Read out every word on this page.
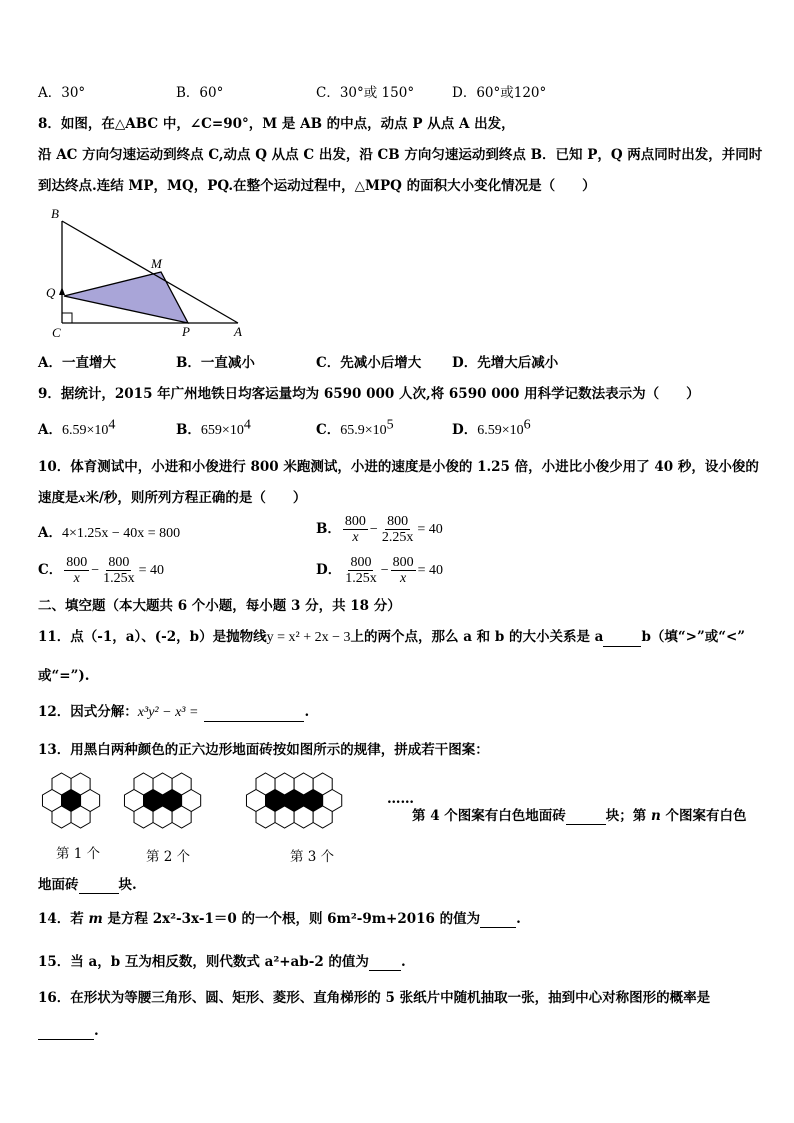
A．30°	B．60°	C．30°或 150°	D．60°或120°
8．如图，在△ABC 中，∠C=90°，M 是 AB 的中点，动点 P 从点 A 出发，
沿 AC 方向匀速运动到终点 C,动点 Q 从点 C 出发，沿 CB 方向匀速运动到终点 B．已知 P，Q 两点同时出发，并同时
到达终点.连结 MP，MQ，PQ.在整个运动过程中，△MPQ 的面积大小变化情况是（　　）
B
M
Q
C	P	A
A．一直增大	B．一直减小	C．先减小后增大 D．先增大后减小
9．据统计，2015 年广州地铁日均客运量均为 6590 000 人次,将 6590 000 用科学记数法表示为（　　）
A．$6.59\times 10^4$	B．$659\times 10^4$	C．$65.9\times 10^5$	D．$6.59\times 10^6$
10．体育测试中，小进和小俊进行 800 米跑测试，小进的速度是小俊的 1.25 倍，小进比小俊少用了 40 秒，设小俊的
速度是x米/秒，则所列方程正确的是（　　）
A．4×1.25x − 40x = 800	B． $\frac{800}{x} - \frac{800}{2.25x} = 40$
C． $\frac{800}{x} - \frac{800}{1.25x} = 40$	D． $\frac{800}{1.25x} - \frac{800}{x} = 40$
二、填空题（本大题共 6 个小题，每小题 3 分，共 18 分）
11．点（-1，a）、(-2，b）是抛物线y = x² + 2x − 3上的两个点，那么 a 和 b 的大小关系是 a	b（填“>”或“<”
或“=”).
12．因式分解：x³y² − x³ =	.
13．用黑白两种颜色的正六边形地面砖按如图所示的规律，拼成若干图案：
……
第 4 个图案有白色地面砖	块；第 n 个图案有白色
第 1 个	第 2 个	第 3 个
地面砖	块.
14．若 m 是方程 2x²-3x-1＝0 的一个根，则 6m²-9m+2016 的值为	.
15．当 a，b 互为相反数，则代数式 a²+ab-2 的值为 .
16．在形状为等腰三角形、圆、矩形、菱形、直角梯形的 5 张纸片中随机抽取一张，抽到中心对称图形的概率是
.
